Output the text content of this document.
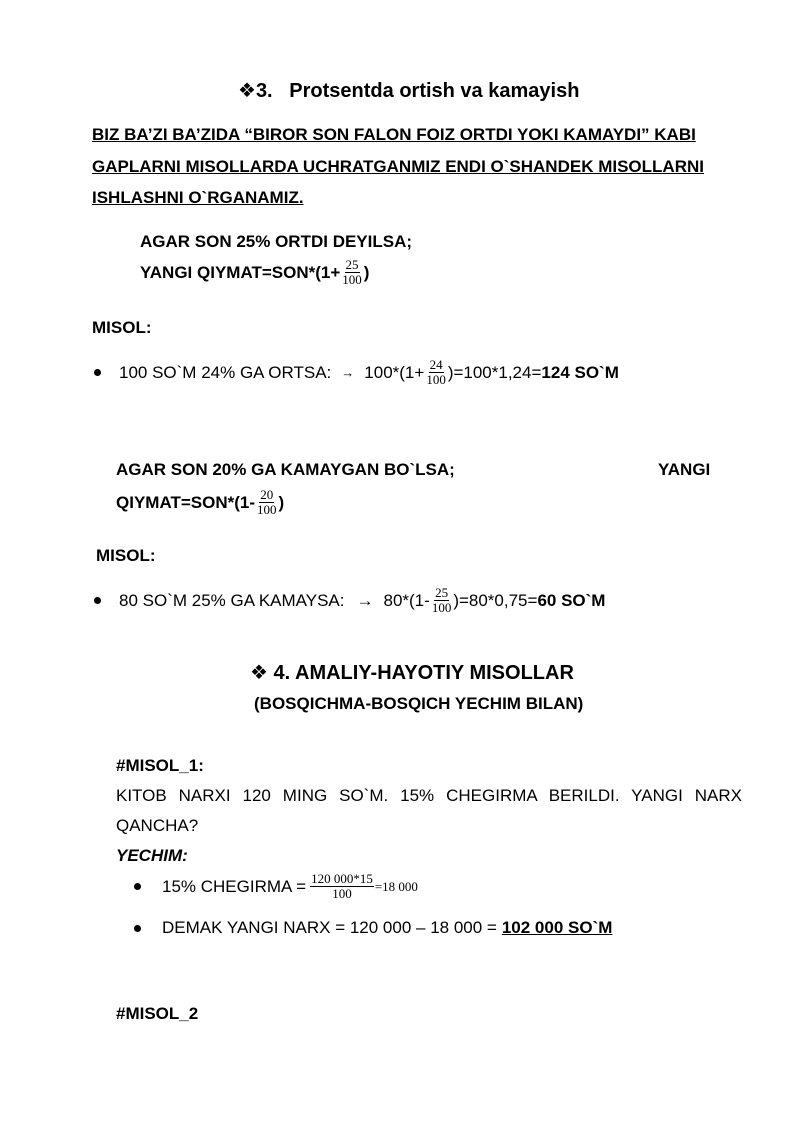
❖3. Protsentda ortish va kamayish
BIZ BA’ZI BA’ZIDA “BIROR SON FALON FOIZ ORTDI YOKI KAMAYDI” KABI
GAPLARNI MISOLLARDA UCHRATGANMIZ ENDI O`SHANDEK MISOLLARNI
ISHLASHNI O`RGANAMIZ.
AGAR SON 25% ORTDI DEYILSA;
YANGI QIYMAT=SON*(1+ $\frac{25}{100}$ )
MISOL:
100 SO`M 24% GA ORTSA: → $100*(1+ \frac{24}{100} )=100*1,24= 124$ SO`M
AGAR SON 20% GA KAMAYGAN BO`LSA;	YANGI
QIYMAT=SON*(1- $\frac{20}{100}$ )
MISOL:
80 SO`M 25% GA KAMAYSA: → $80*(1- \frac{25}{100} )=80*0,75= 60$ SO`M
❖ 4. AMALIY-HAYOTIY MISOLLAR
(BOSQICHMA-BOSQICH YECHIM BILAN)
#MISOL_1:
KITOB NARXI 120 MING SO`M. 15% CHEGIRMA BERILDI. YANGI NARX
QANCHA?
YECHIM:
15% CHEGIRMA = $\frac{120 000*15}{100} =18$ 000
DEMAK YANGI NARX = 120 000 – 18 000 = 102 000 SO`M
#MISOL_2
